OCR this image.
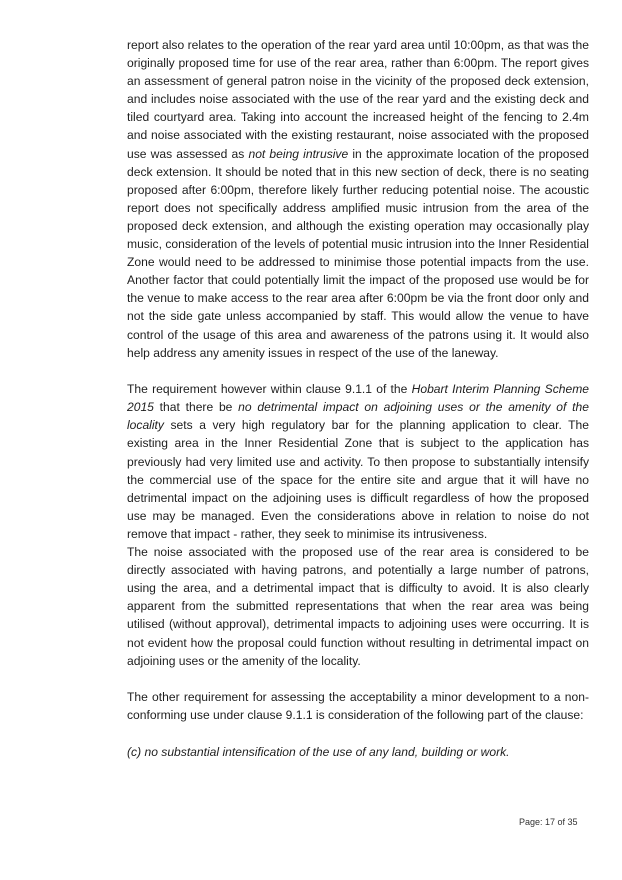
report also relates to the operation of the rear yard area until 10:00pm, as that was the originally proposed time for use of the rear area, rather than 6:00pm. The report gives an assessment of general patron noise in the vicinity of the proposed deck extension, and includes noise associated with the use of the rear yard and the existing deck and tiled courtyard area. Taking into account the increased height of the fencing to 2.4m and noise associated with the existing restaurant, noise associated with the proposed use was assessed as not being intrusive in the approximate location of the proposed deck extension. It should be noted that in this new section of deck, there is no seating proposed after 6:00pm, therefore likely further reducing potential noise. The acoustic report does not specifically address amplified music intrusion from the area of the proposed deck extension, and although the existing operation may occasionally play music, consideration of the levels of potential music intrusion into the Inner Residential Zone would need to be addressed to minimise those potential impacts from the use. Another factor that could potentially limit the impact of the proposed use would be for the venue to make access to the rear area after 6:00pm be via the front door only and not the side gate unless accompanied by staff. This would allow the venue to have control of the usage of this area and awareness of the patrons using it. It would also help address any amenity issues in respect of the use of the laneway.

The requirement however within clause 9.1.1 of the Hobart Interim Planning Scheme 2015 that there be no detrimental impact on adjoining uses or the amenity of the locality sets a very high regulatory bar for the planning application to clear. The existing area in the Inner Residential Zone that is subject to the application has previously had very limited use and activity. To then propose to substantially intensify the commercial use of the space for the entire site and argue that it will have no detrimental impact on the adjoining uses is difficult regardless of how the proposed use may be managed. Even the considerations above in relation to noise do not remove that impact - rather, they seek to minimise its intrusiveness.

The noise associated with the proposed use of the rear area is considered to be directly associated with having patrons, and potentially a large number of patrons, using the area, and a detrimental impact that is difficulty to avoid. It is also clearly apparent from the submitted representations that when the rear area was being utilised (without approval), detrimental impacts to adjoining uses were occurring. It is not evident how the proposal could function without resulting in detrimental impact on adjoining uses or the amenity of the locality.

The other requirement for assessing the acceptability a minor development to a non-conforming use under clause 9.1.1 is consideration of the following part of the clause:

(c) no substantial intensification of the use of any land, building or work.

Page: 17 of 35
